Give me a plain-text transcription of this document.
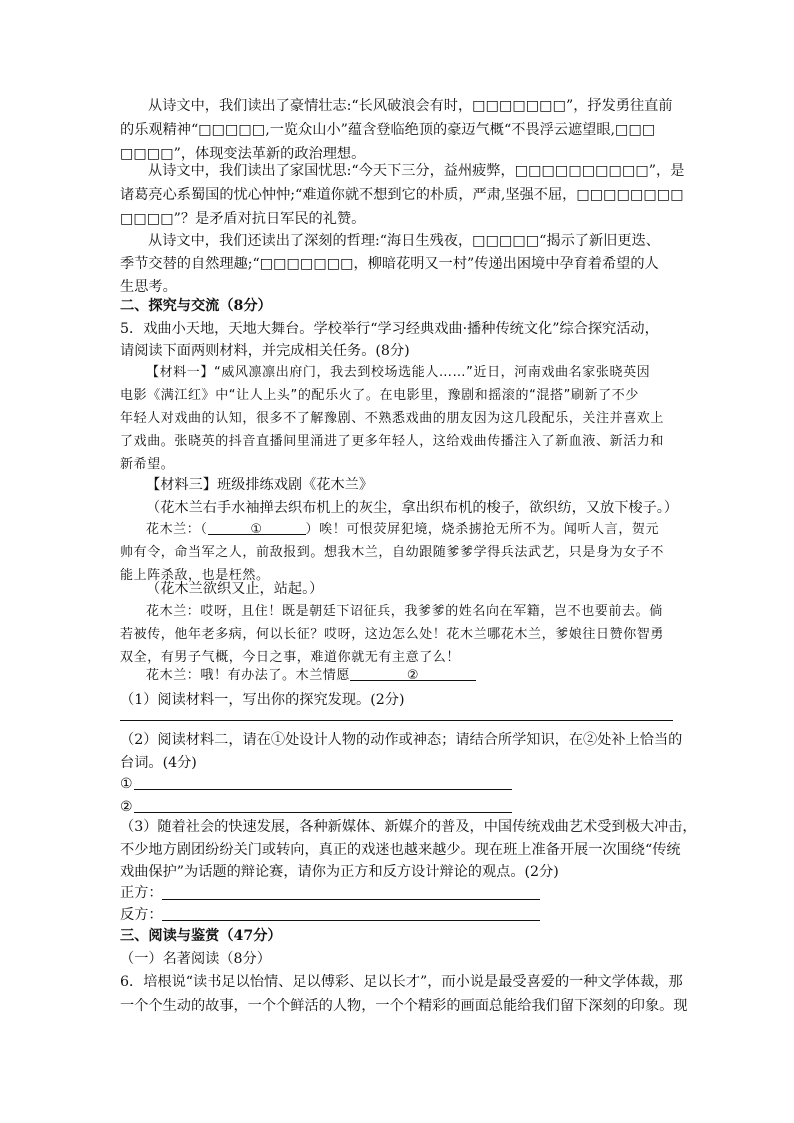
从诗文中，我们读出了豪情壮志:“长风破浪会有时，□□□□□□□”，抒发勇往直前
的乐观精神“□□□□□,一览众山小”蕴含登临绝顶的豪迈气概“不畏浮云遮望眼,□□□
□□□□”，体现变法革新的政治理想。
从诗文中，我们读出了家国忧思:“今天下三分，益州疲弊，□□□□□□□□□□”，是
诸葛亮心系蜀国的忧心忡忡;“难道你就不想到它的朴质，严肃,坚强不屈，□□□□□□□□
□□□□”？是矛盾对抗日军民的礼赞。
从诗文中，我们还读出了深刻的哲理:“海日生残夜，□□□□□“揭示了新旧更迭、
季节交替的自然理趣;“□□□□□□□，柳暗花明又一村”传递出困境中孕育着希望的人
生思考。
二、探究与交流（8分）
5．戏曲小天地，天地大舞台。学校举行“学习经典戏曲·播种传统文化”综合探究活动，
请阅读下面两则材料，并完成相关任务。(8分)
【材料一】“威风凛凛出府门，我去到校场选能人……”近日，河南戏曲名家张晓英因
电影《满江红》中“让人上头”的配乐火了。在电影里，豫剧和摇滚的“混搭”刷新了不少
年轻人对戏曲的认知，很多不了解豫剧、不熟悉戏曲的朋友因为这几段配乐，关注并喜欢上
了戏曲。张晓英的抖音直播间里涌进了更多年轻人，这给戏曲传播注入了新血液、新活力和
新希望。
【材料三】班级排练戏剧《花木兰》
（花木兰右手水袖掸去织布机上的灰尘，拿出织布机的梭子，欲织纺，又放下梭子。）
花木兰：（	①	）唉！可恨荧屏犯境，烧杀掳抢无所不为。闻听人言，贺元
帅有令，命当军之人，前敌报到。想我木兰，自幼跟随爹爹学得兵法武艺，只是身为女子不
能上阵杀敌，也是枉然。
（花木兰欲织又止，站起。）
花木兰：哎呀，且住！既是朝廷下诏征兵，我爹爹的姓名向在军籍，岂不也要前去。倘
若被传，他年老多病，何以长征？哎呀，这边怎么处！花木兰哪花木兰，爹娘往日赞你智勇
双全，有男子气概，今日之事，难道你就无有主意了么！
花木兰：哦！有办法了。木兰情愿	②
（1）阅读材料一，写出你的探究发现。(2分)
（2）阅读材料二，请在①处设计人物的动作或神态；请结合所学知识，在②处补上恰当的
台词。(4分)
①
②
（3）随着社会的快速发展，各种新媒体、新媒介的普及，中国传统戏曲艺术受到极大冲击，
不少地方剧团纷纷关门或转向，真正的戏迷也越来越少。现在班上准备开展一次围绕“传统
戏曲保护”为话题的辩论赛，请你为正方和反方设计辩论的观点。(2分)
正方：
反方：
三、阅读与鉴赏（47分）
（一）名著阅读（8分）
6．培根说“读书足以怡情、足以傅彩、足以长才”，而小说是最受喜爱的一种文学体裁，那
一个个生动的故事，一个个鲜活的人物，一个个精彩的画面总能给我们留下深刻的印象。现
